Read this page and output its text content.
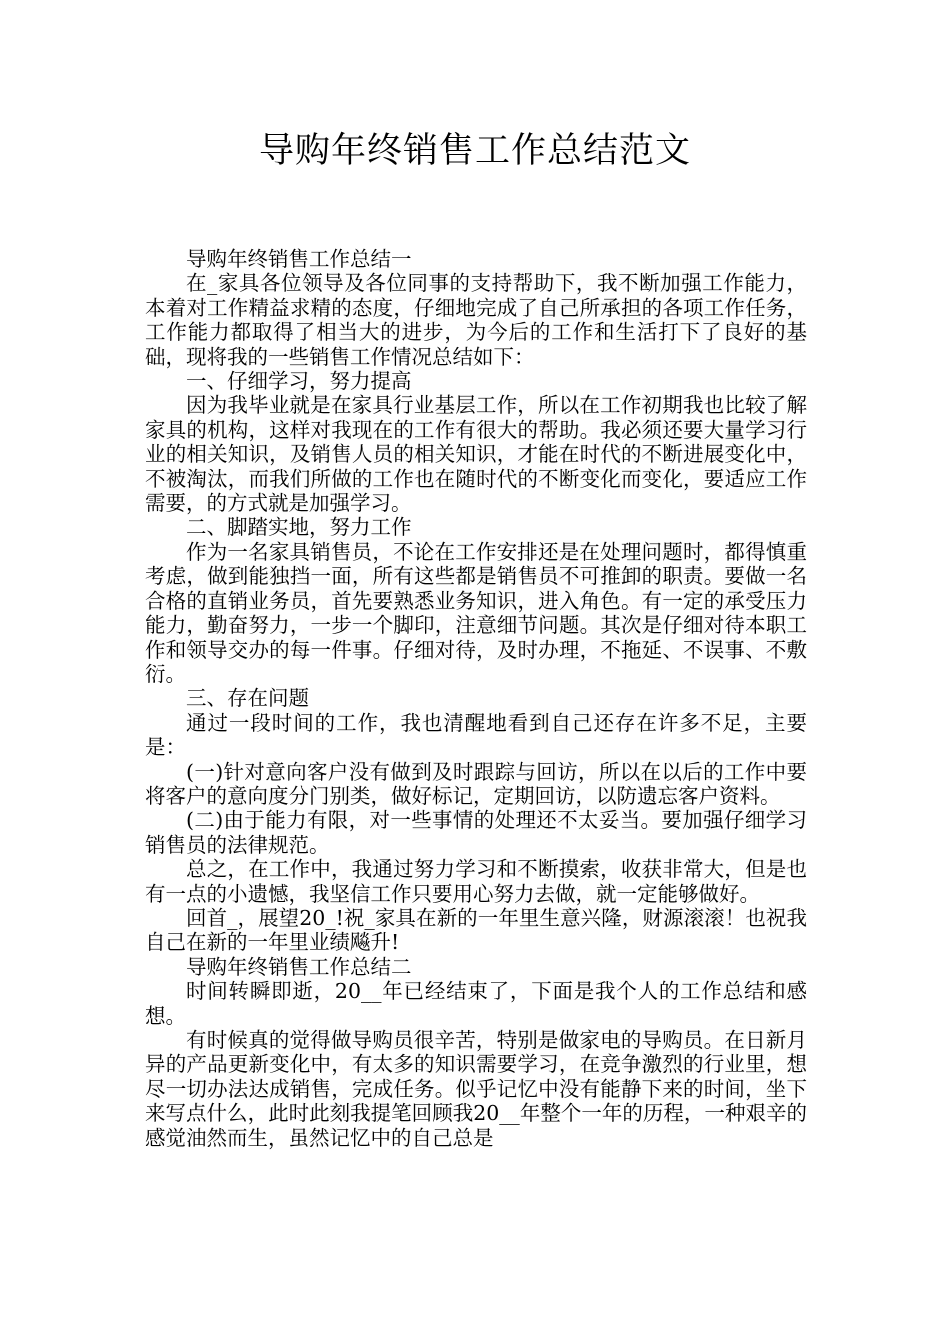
导购年终销售工作总结范文

导购年终销售工作总结一

在_家具各位领导及各位同事的支持帮助下，我不断加强工作能力，本着对工作精益求精的态度，仔细地完成了自己所承担的各项工作任务，工作能力都取得了相当大的进步，为今后的工作和生活打下了良好的基础，现将我的一些销售工作情况总结如下：

一、仔细学习，努力提高

因为我毕业就是在家具行业基层工作，所以在工作初期我也比较了解家具的机构，这样对我现在的工作有很大的帮助。我必须还要大量学习行业的相关知识，及销售人员的相关知识，才能在时代的不断进展变化中，不被淘汰，而我们所做的工作也在随时代的不断变化而变化，要适应工作需要，的方式就是加强学习。

二、脚踏实地，努力工作

作为一名家具销售员，不论在工作安排还是在处理问题时，都得慎重考虑，做到能独挡一面，所有这些都是销售员不可推卸的职责。要做一名合格的直销业务员，首先要熟悉业务知识，进入角色。有一定的承受压力能力，勤奋努力，一步一个脚印，注意细节问题。其次是仔细对待本职工作和领导交办的每一件事。仔细对待，及时办理，不拖延、不误事、不敷衍。

三、存在问题

通过一段时间的工作，我也清醒地看到自己还存在许多不足，主要是：

(一)针对意向客户没有做到及时跟踪与回访，所以在以后的工作中要将客户的意向度分门别类，做好标记，定期回访，以防遗忘客户资料。

(二)由于能力有限，对一些事情的处理还不太妥当。要加强仔细学习销售员的法律规范。

总之，在工作中，我通过努力学习和不断摸索，收获非常大，但是也有一点的小遗憾，我坚信工作只要用心努力去做，就一定能够做好。

回首_，展望20_!祝_家具在新的一年里生意兴隆，财源滚滚！也祝我自己在新的一年里业绩飚升!

导购年终销售工作总结二

时间转瞬即逝，20__年已经结束了，下面是我个人的工作总结和感想。

有时候真的觉得做导购员很辛苦，特别是做家电的导购员。在日新月异的产品更新变化中，有太多的知识需要学习，在竞争激烈的行业里，想尽一切办法达成销售，完成任务。似乎记忆中没有能静下来的时间，坐下来写点什么，此时此刻我提笔回顾我20__年整个一年的历程，一种艰辛的感觉油然而生，虽然记忆中的自己总是
